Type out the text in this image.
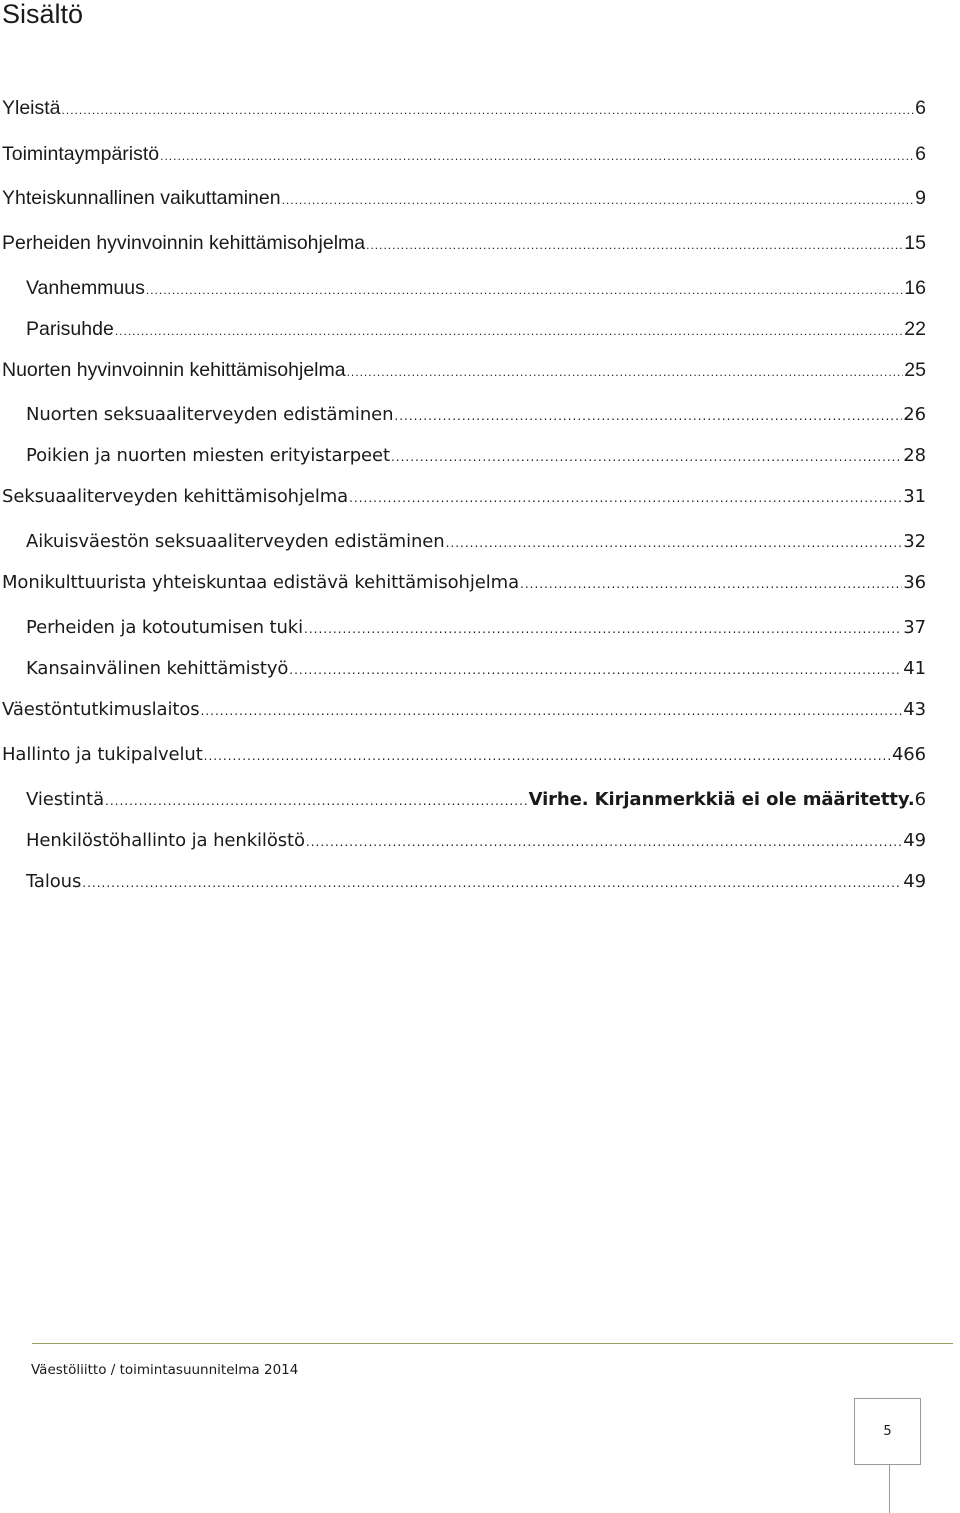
Sisältö
Yleistä .....	6
Toimintaympäristö .....	6
Yhteiskunnallinen vaikuttaminen .....	9
Perheiden hyvinvoinnin kehittämisohjelma .....	15
Vanhemmuus .....	16
Parisuhde .....	22
Nuorten hyvinvoinnin kehittämisohjelma .....	25
Nuorten seksuaaliterveyden edistäminen .....	26
Poikien ja nuorten miesten erityistarpeet .....	28
Seksuaaliterveyden kehittämisohjelma .....	31
Aikuisväestön seksuaaliterveyden edistäminen .....	32
Monikulttuurista yhteiskuntaa edistävä kehittämisohjelma .....	36
Perheiden ja kotoutumisen tuki .....	37
Kansainvälinen kehittämistyö .....	41
Väestöntutkimuslaitos .....	43
Hallinto ja tukipalvelut .....	466
Viestintä .....	Virhe. Kirjanmerkkiä ei ole määritetty. 6
Henkilöstöhallinto ja henkilöstö .....	49
Talous .....	49
Väestöliitto / toimintasuunnitelma 2014
5
